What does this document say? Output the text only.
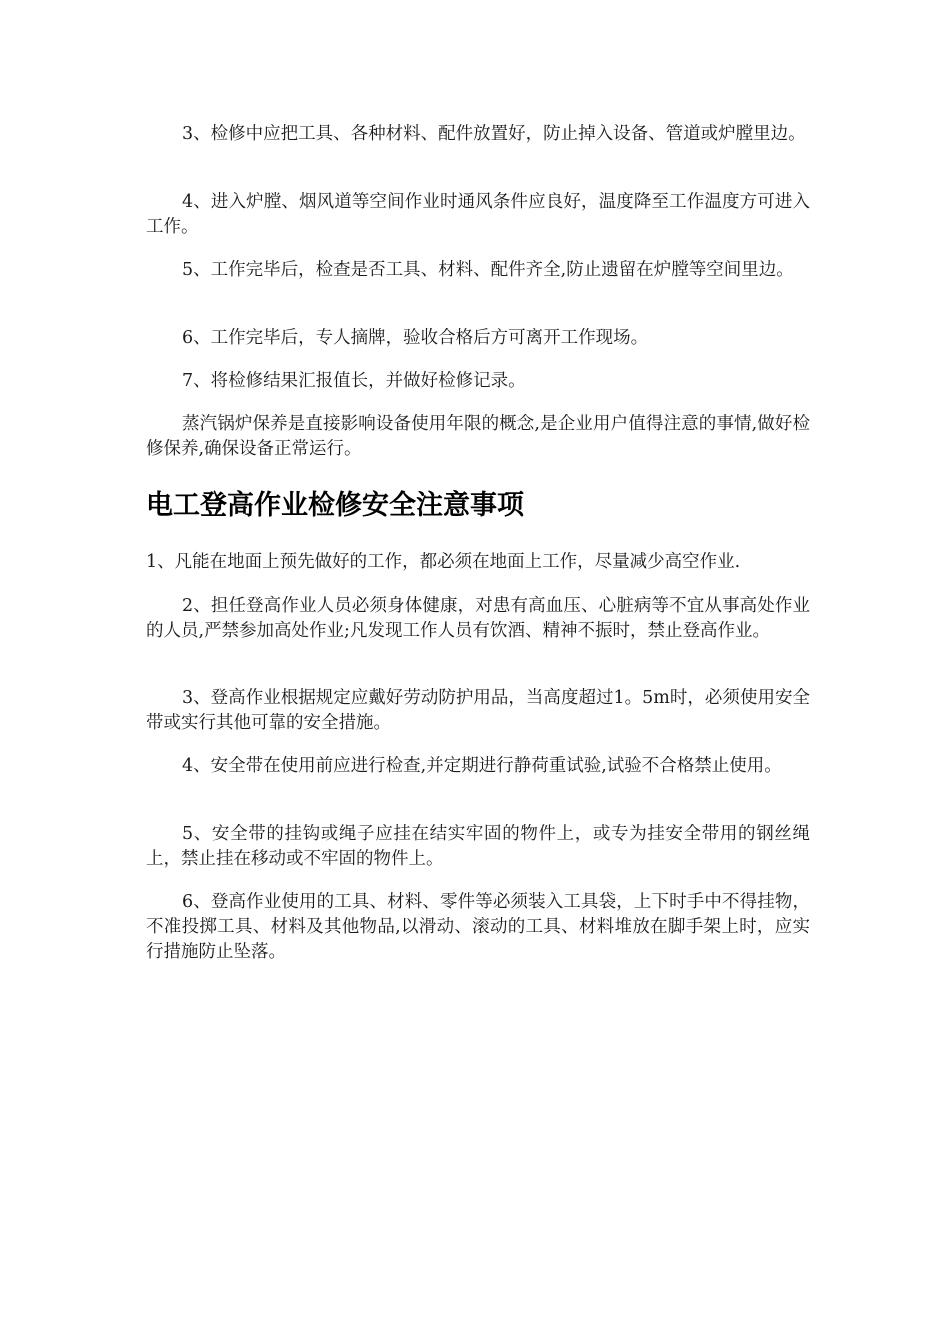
3、检修中应把工具、各种材料、配件放置好，防止掉入设备、管道或炉膛里边。

4、进入炉膛、烟风道等空间作业时通风条件应良好，温度降至工作温度方可进入工作。

5、工作完毕后，检查是否工具、材料、配件齐全,防止遗留在炉膛等空间里边。

6、工作完毕后，专人摘牌，验收合格后方可离开工作现场。

7、将检修结果汇报值长，并做好检修记录。

蒸汽锅炉保养是直接影响设备使用年限的概念,是企业用户值得注意的事情,做好检修保养,确保设备正常运行。

电工登高作业检修安全注意事项

1、凡能在地面上预先做好的工作，都必须在地面上工作，尽量减少高空作业.

2、担任登高作业人员必须身体健康，对患有高血压、心脏病等不宜从事高处作业的人员,严禁参加高处作业;凡发现工作人员有饮酒、精神不振时，禁止登高作业。

3、登高作业根据规定应戴好劳动防护用品，当高度超过1。5m时，必须使用安全带或实行其他可靠的安全措施。

4、安全带在使用前应进行检查,并定期进行静荷重试验,试验不合格禁止使用。

5、安全带的挂钩或绳子应挂在结实牢固的物件上，或专为挂安全带用的钢丝绳上，禁止挂在移动或不牢固的物件上。

6、登高作业使用的工具、材料、零件等必须装入工具袋，上下时手中不得挂物，不准投掷工具、材料及其他物品,以滑动、滚动的工具、材料堆放在脚手架上时，应实行措施防止坠落。
